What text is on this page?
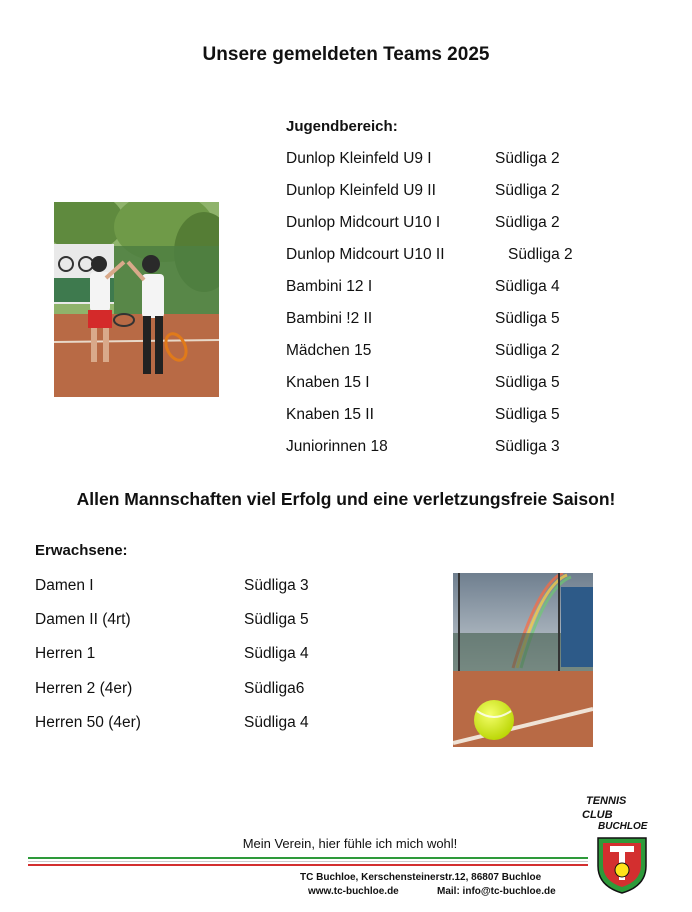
Unsere gemeldeten Teams 2025
Jugendbereich:
Dunlop Kleinfeld U9 I	Südliga 2
Dunlop Kleinfeld U9 II	Südliga 2
Dunlop Midcourt U10 I	Südliga 2
Dunlop Midcourt U10 II	Südliga 2
Bambini 12 I	Südliga 4
Bambini !2 II	Südliga 5
Mädchen 15	Südliga 2
Knaben 15 I	Südliga 5
Knaben 15 II	Südliga 5
Juniorinnen 18	Südliga 3
Allen Mannschaften viel Erfolg und eine verletzungsfreie Saison!
Erwachsene:
Damen I	Südliga 3
Damen II (4rt)	Südliga 5
Herren 1	Südliga 4
Herren 2 (4er)	Südliga6
Herren 50 (4er)	Südliga 4
Mein Verein, hier fühle ich mich wohl!
TC Buchloe, Kerschensteinerstr.12, 86807 Buchloe
www.tc-buchloe.de	Mail: info@tc-buchloe.de
TENNIS
CLUB
BUCHLOE
